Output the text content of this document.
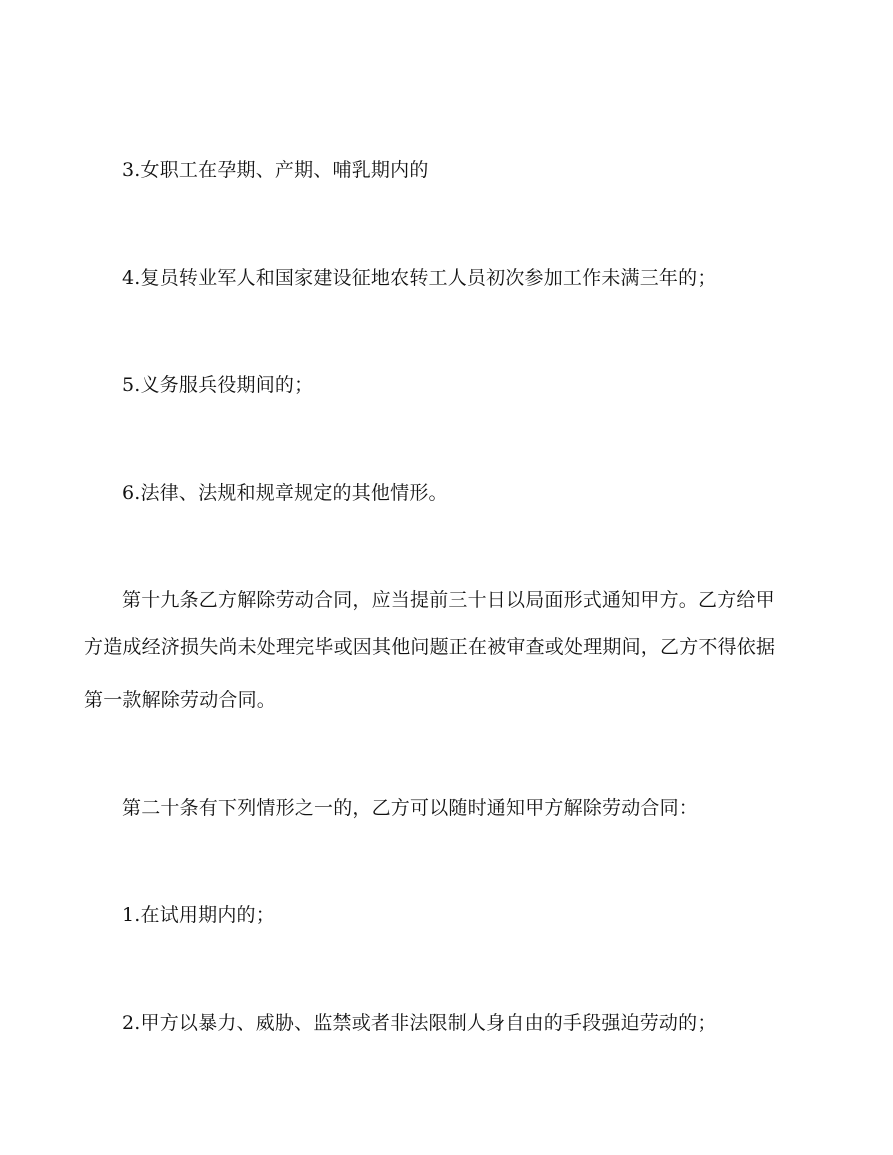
3.女职工在孕期、产期、哺乳期内的
4.复员转业军人和国家建设征地农转工人员初次参加工作未满三年的；
5.义务服兵役期间的；
6.法律、法规和规章规定的其他情形。
第十九条乙方解除劳动合同，应当提前三十日以局面形式通知甲方。乙方给甲
方造成经济损失尚未处理完毕或因其他问题正在被审查或处理期间，乙方不得依据
第一款解除劳动合同。
第二十条有下列情形之一的，乙方可以随时通知甲方解除劳动合同：
1.在试用期内的；
2.甲方以暴力、威胁、监禁或者非法限制人身自由的手段强迫劳动的；
